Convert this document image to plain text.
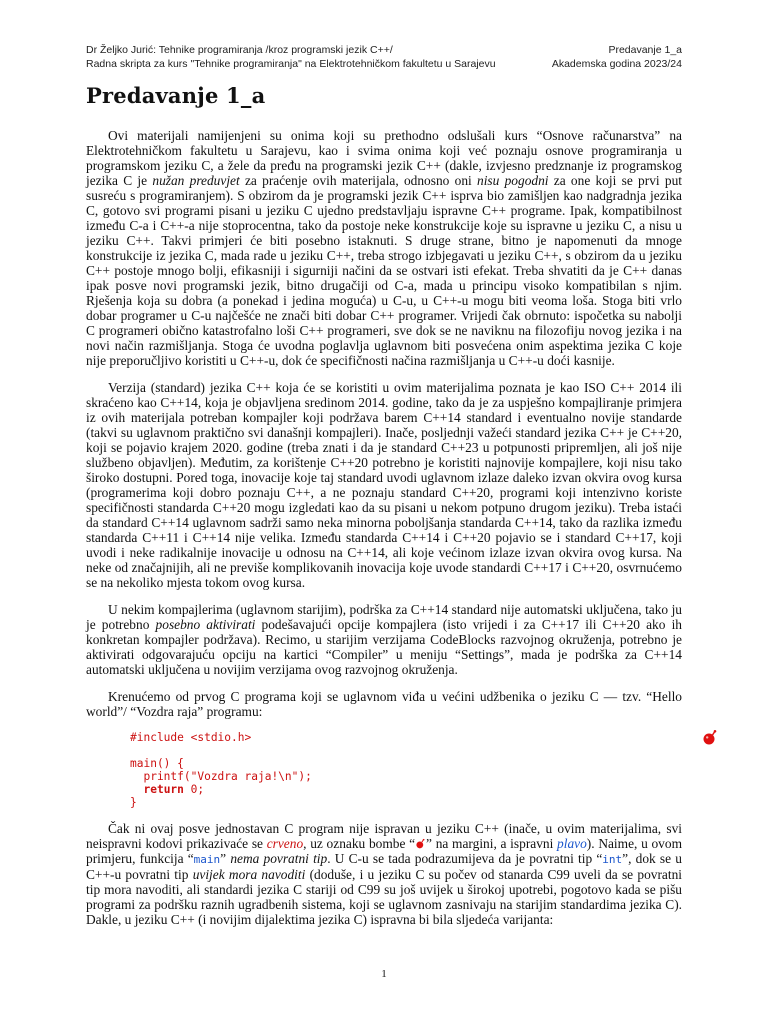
Dr Željko Jurić: Tehnike programiranja /kroz programski jezik C++/
Radna skripta za kurs "Tehnike programiranja" na Elektrotehničkom fakultetu u Sarajevu
Predavanje 1_a
Akademska godina 2023/24
Predavanje 1_a

Ovi materijali namijenjeni su onima koji su prethodno odslušali kurs “Osnove računarstva” na Elektrotehničkom fakultetu u Sarajevu, kao i svima onima koji već poznaju osnove programiranja u programskom jeziku C, a žele da pređu na programski jezik C++ (dakle, izvjesno predznanje iz programskog jezika C je nužan preduvjet za praćenje ovih materijala, odnosno oni nisu pogodni za one koji se prvi put susreću s programiranjem). S obzirom da je programski jezik C++ isprva bio zamišljen kao nadgradnja jezika C, gotovo svi programi pisani u jeziku C ujedno predstavljaju ispravne C++ programe. Ipak, kompatibilnost između C-a i C++-a nije stoprocentna, tako da postoje neke konstrukcije koje su ispravne u jeziku C, a nisu u jeziku C++. Takvi primjeri će biti posebno istaknuti. S druge strane, bitno je napomenuti da mnoge konstrukcije iz jezika C, mada rade u jeziku C++, treba strogo izbjegavati u jeziku C++, s obzirom da u jeziku C++ postoje mnogo bolji, efikasniji i sigurniji načini da se ostvari isti efekat. Treba shvatiti da je C++ danas ipak posve novi programski jezik, bitno drugačiji od C-a, mada u principu visoko kompatibilan s njim. Rješenja koja su dobra (a ponekad i jedina moguća) u C-u, u C++-u mogu biti veoma loša. Stoga biti vrlo dobar programer u C-u najčešće ne znači biti dobar C++ programer. Vrijedi čak obrnuto: ispočetka su nabolji C programeri obično katastrofalno loši C++ programeri, sve dok se ne naviknu na filozofiju novog jezika i na novi način razmišljanja. Stoga će uvodna poglavlja uglavnom biti posvećena onim aspektima jezika C koje nije preporučljivo koristiti u C++-u, dok će specifičnosti načina razmišljanja u C++-u doći kasnije.

Verzija (standard) jezika C++ koja će se koristiti u ovim materijalima poznata je kao ISO C++ 2014 ili skraćeno kao C++14, koja je objavljena sredinom 2014. godine, tako da je za uspješno kompajliranje primjera iz ovih materijala potreban kompajler koji podržava barem C++14 standard i eventualno novije standarde (takvi su uglavnom praktično svi današnji kompajleri). Inače, posljednji važeći standard jezika C++ je C++20, koji se pojavio krajem 2020. godine (treba znati i da je standard C++23 u potpunosti pripremljen, ali još nije službeno objavljen). Međutim, za korištenje C++20 potrebno je koristiti najnovije kompajlere, koji nisu tako široko dostupni. Pored toga, inovacije koje taj standard uvodi uglavnom izlaze daleko izvan okvira ovog kursa (programerima koji dobro poznaju C++, a ne poznaju standard C++20, programi koji intenzivno koriste specifičnosti standarda C++20 mogu izgledati kao da su pisani u nekom potpuno drugom jeziku). Treba istaći da standard C++14 uglavnom sadrži samo neka minorna poboljšanja standarda C++14, tako da razlika između standarda C++11 i C++14 nije velika. Između standarda C++14 i C++20 pojavio se i standard C++17, koji uvodi i neke radikalnije inovacije u odnosu na C++14, ali koje većinom izlaze izvan okvira ovog kursa. Na neke od značajnijih, ali ne previše komplikovanih inovacija koje uvode standardi C++17 i C++20, osvrnućemo se na nekoliko mjesta tokom ovog kursa.

U nekim kompajlerima (uglavnom starijim), podrška za C++14 standard nije automatski uključena, tako ju je potrebno posebno aktivirati podešavajući opcije kompajlera (isto vrijedi i za C++17 ili C++20 ako ih konkretan kompajler podržava). Recimo, u starijim verzijama CodeBlocks razvojnog okruženja, potrebno je aktivirati odgovarajuću opciju na kartici “Compiler” u meniju “Settings”, mada je podrška za C++14 automatski uključena u novijim verzijama ovog razvojnog okruženja.

Krenućemo od prvog C programa koji se uglavnom viđa u većini udžbenika o jeziku C — tzv. “Hello world”/ “Vozdra raja” programu:

#include <stdio.h>

main() {
printf("Vozdra raja!\n");
return 0;
}

Čak ni ovaj posve jednostavan C program nije ispravan u jeziku C++ (inače, u ovim materijalima, svi neispravni kodovi prikazivaće se crveno, uz oznaku bombe “ ” na margini, a ispravni plavo). Naime, u ovom primjeru, funkcija “main” nema povratni tip. U C-u se tada podrazumijeva da je povratni tip “int”, dok se u C++-u povratni tip uvijek mora navoditi (doduše, i u jeziku C su počev od stanarda C99 uveli da se povratni tip mora navoditi, ali standardi jezika C stariji od C99 su još uvijek u širokoj upotrebi, pogotovo kada se pišu programi za podršku raznih ugradbenih sistema, koji se uglavnom zasnivaju na starijim standardima jezika C). Dakle, u jeziku C++ (i novijim dijalektima jezika C) ispravna bi bila sljedeća varijanta:

1
